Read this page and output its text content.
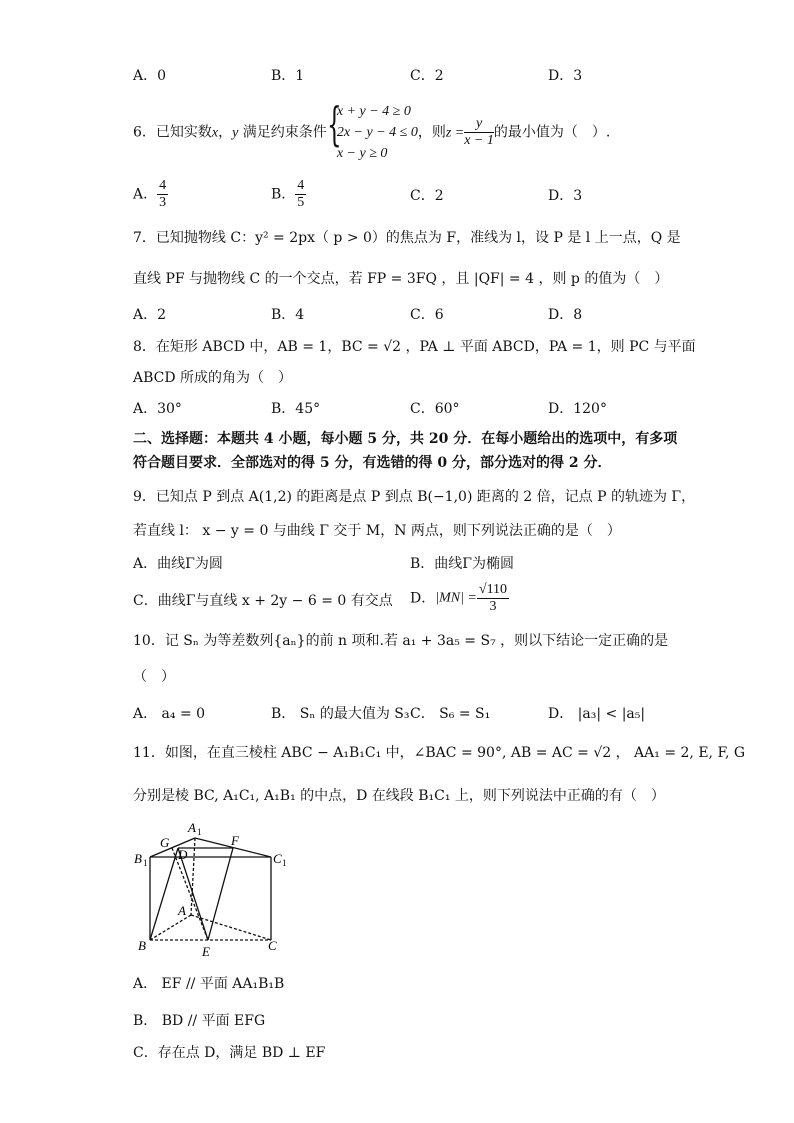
A．0	B．1	C．2	D．3
6．已知实数x，y 满足约束条件 {
x + y − 4 ≥ 0
2x − y − 4 ≤ 0
x − y ≥ 0
，则$z = \frac{y}{x - 1}$ 的最小值为（　）.
A． $\frac{4}{3}$	B． $\frac{4}{5}$	C．2	D．3
7．已知抛物线 C：y² = 2px（ p > 0）的焦点为 F，准线为 l，设 P 是 l 上一点，Q 是
直线 PF 与抛物线 C 的一个交点，若 FP = 3FQ ，且 |QF| = 4 ，则 p 的值为（　）
A．2	B．4	C．6	D．8
8．在矩形 ABCD 中，AB = 1，BC = √2 ，PA ⊥ 平面 ABCD，PA = 1，则 PC 与平面
ABCD 所成的角为（　）
A．30°	B．45°	C．60°	D．120°
二、选择题：本题共 4 小题，每小题 5 分，共 20 分．在每小题给出的选项中，有多项
符合题目要求．全部选对的得 5 分，有选错的得 0 分，部分选对的得 2 分．
9．已知点 P 到点 A(1,2) 的距离是点 P 到点 B(−1,0) 距离的 2 倍，记点 P 的轨迹为 Γ，
若直线 l： x − y = 0 与曲线 Γ 交于 M，N 两点，则下列说法正确的是（　）
A．曲线Γ为圆	B．曲线Γ为椭圆
C．曲线Γ与直线 x + 2y − 6 = 0 有交点 D．$|MN| = \frac{√110}{3}$
10．记 Sₙ 为等差数列{aₙ}的前 n 项和.若 a₁ + 3a₅ = S₇ ，则以下结论一定正确的是
（　）
A． a₄ = 0	B． Sₙ 的最大值为 S₃ C． S₆ = S₁	D． |a₃| < |a₅|
11．如图，在直三棱柱 ABC − A₁B₁C₁ 中，∠BAC = 90°, AB = AC = √2 ， AA₁ = 2, E, F, G
分别是棱 BC, A₁C₁, A₁B₁ 的中点，D 在线段 B₁C₁ 上，则下列说法中正确的有（　）
A 1
B 1	C 1
G
D
F
A
B	E	C
A． EF // 平面 AA₁B₁B
B． BD // 平面 EFG
C．存在点 D，满足 BD ⊥ EF
